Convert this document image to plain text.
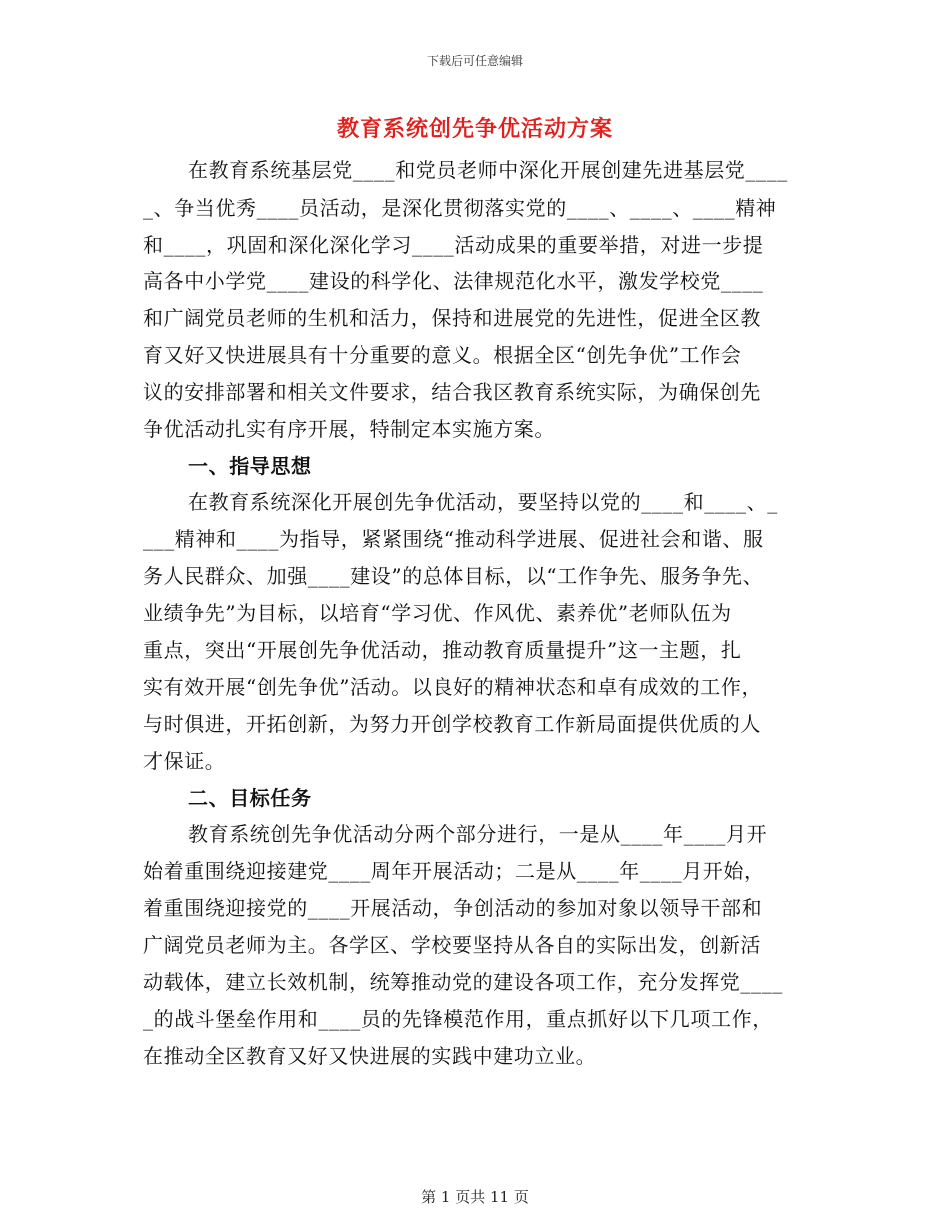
下载后可任意编辑
教育系统创先争优活动方案
在教育系统基层党____和党员老师中深化开展创建先进基层党____
_、争当优秀____员活动，是深化贯彻落实党的____、____、____精神
和____，巩固和深化深化学习____活动成果的重要举措，对进一步提
高各中小学党____建设的科学化、法律规范化水平，激发学校党____
和广阔党员老师的生机和活力，保持和进展党的先进性，促进全区教
育又好又快进展具有十分重要的意义。根据全区“创先争优”工作会
议的安排部署和相关文件要求，结合我区教育系统实际，为确保创先
争优活动扎实有序开展，特制定本实施方案。
一、指导思想
在教育系统深化开展创先争优活动，要坚持以党的____和____、_
___精神和____为指导，紧紧围绕“推动科学进展、促进社会和谐、服
务人民群众、加强____建设”的总体目标，以“工作争先、服务争先、
业绩争先”为目标，以培育“学习优、作风优、素养优”老师队伍为
重点，突出“开展创先争优活动，推动教育质量提升”这一主题，扎
实有效开展“创先争优”活动。以良好的精神状态和卓有成效的工作，
与时俱进，开拓创新，为努力开创学校教育工作新局面提供优质的人
才保证。
二、目标任务
教育系统创先争优活动分两个部分进行，一是从____年____月开
始着重围绕迎接建党____周年开展活动；二是从____年____月开始，
着重围绕迎接党的____开展活动，争创活动的参加对象以领导干部和
广阔党员老师为主。各学区、学校要坚持从各自的实际出发，创新活
动载体，建立长效机制，统筹推动党的建设各项工作，充分发挥党____
_的战斗堡垒作用和____员的先锋模范作用，重点抓好以下几项工作，
在推动全区教育又好又快进展的实践中建功立业。
第 1 页共 11 页
